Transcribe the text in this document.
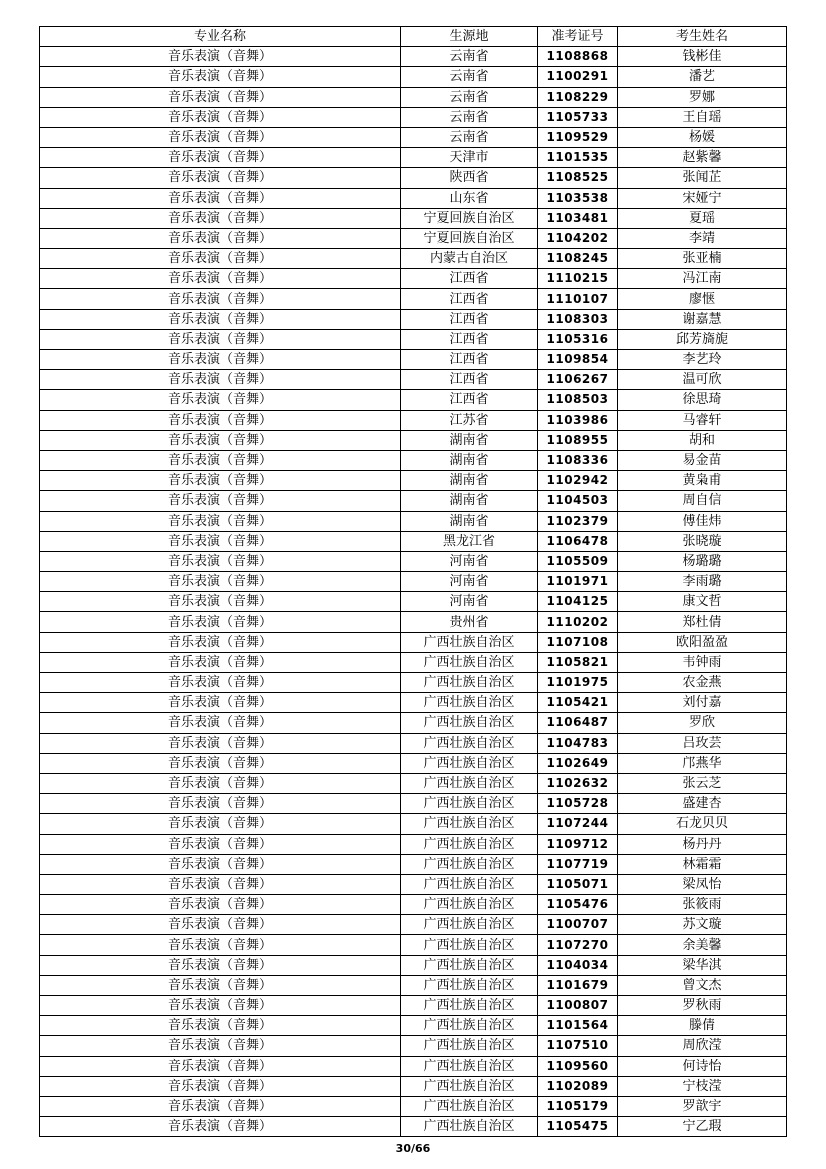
专业名称	生源地	准考证号	考生姓名
音乐表演（音舞）	云南省	1108868	钱彬佳
音乐表演（音舞）	云南省	1100291	潘艺
音乐表演（音舞）	云南省	1108229	罗娜
音乐表演（音舞）	云南省	1105733	王自瑶
音乐表演（音舞）	云南省	1109529	杨媛
音乐表演（音舞）	天津市	1101535	赵紫馨
音乐表演（音舞）	陕西省	1108525	张闻芷
音乐表演（音舞）	山东省	1103538	宋娅宁
音乐表演（音舞）	宁夏回族自治区	1103481	夏瑶
音乐表演（音舞）	宁夏回族自治区	1104202	李靖
音乐表演（音舞）	内蒙古自治区	1108245	张亚楠
音乐表演（音舞）	江西省	1110215	冯江南
音乐表演（音舞）	江西省	1110107	廖惬
音乐表演（音舞）	江西省	1108303	谢嘉慧
音乐表演（音舞）	江西省	1105316	邱芳旖旎
音乐表演（音舞）	江西省	1109854	李艺玲
音乐表演（音舞）	江西省	1106267	温可欣
音乐表演（音舞）	江西省	1108503	徐思琦
音乐表演（音舞）	江苏省	1103986	马睿轩
音乐表演（音舞）	湖南省	1108955	胡和
音乐表演（音舞）	湖南省	1108336	易金苗
音乐表演（音舞）	湖南省	1102942	黄枭甫
音乐表演（音舞）	湖南省	1104503	周自信
音乐表演（音舞）	湖南省	1102379	傅佳炜
音乐表演（音舞）	黑龙江省	1106478	张晓璇
音乐表演（音舞）	河南省	1105509	杨璐璐
音乐表演（音舞）	河南省	1101971	李雨璐
音乐表演（音舞）	河南省	1104125	康文哲
音乐表演（音舞）	贵州省	1110202	郑杜倩
音乐表演（音舞）	广西壮族自治区	1107108	欧阳盈盈
音乐表演（音舞）	广西壮族自治区	1105821	韦钟雨
音乐表演（音舞）	广西壮族自治区	1101975	农金燕
音乐表演（音舞）	广西壮族自治区	1105421	刘付嘉
音乐表演（音舞）	广西壮族自治区	1106487	罗欣
音乐表演（音舞）	广西壮族自治区	1104783	吕玫芸
音乐表演（音舞）	广西壮族自治区	1102649	邝燕华
音乐表演（音舞）	广西壮族自治区	1102632	张云芝
音乐表演（音舞）	广西壮族自治区	1105728	盛建杏
音乐表演（音舞）	广西壮族自治区	1107244	石龙贝贝
音乐表演（音舞）	广西壮族自治区	1109712	杨丹丹
音乐表演（音舞）	广西壮族自治区	1107719	林霜霜
音乐表演（音舞）	广西壮族自治区	1105071	梁凤怡
音乐表演（音舞）	广西壮族自治区	1105476	张筱雨
音乐表演（音舞）	广西壮族自治区	1100707	苏文璇
音乐表演（音舞）	广西壮族自治区	1107270	余美馨
音乐表演（音舞）	广西壮族自治区	1104034	梁华淇
音乐表演（音舞）	广西壮族自治区	1101679	曾文杰
音乐表演（音舞）	广西壮族自治区	1100807	罗秋雨
音乐表演（音舞）	广西壮族自治区	1101564	滕倩
音乐表演（音舞）	广西壮族自治区	1107510	周欣滢
音乐表演（音舞）	广西壮族自治区	1109560	何诗怡
音乐表演（音舞）	广西壮族自治区	1102089	宁枝滢
音乐表演（音舞）	广西壮族自治区	1105179	罗歆宇
音乐表演（音舞）	广西壮族自治区	1105475	宁乙瑕
30/66
